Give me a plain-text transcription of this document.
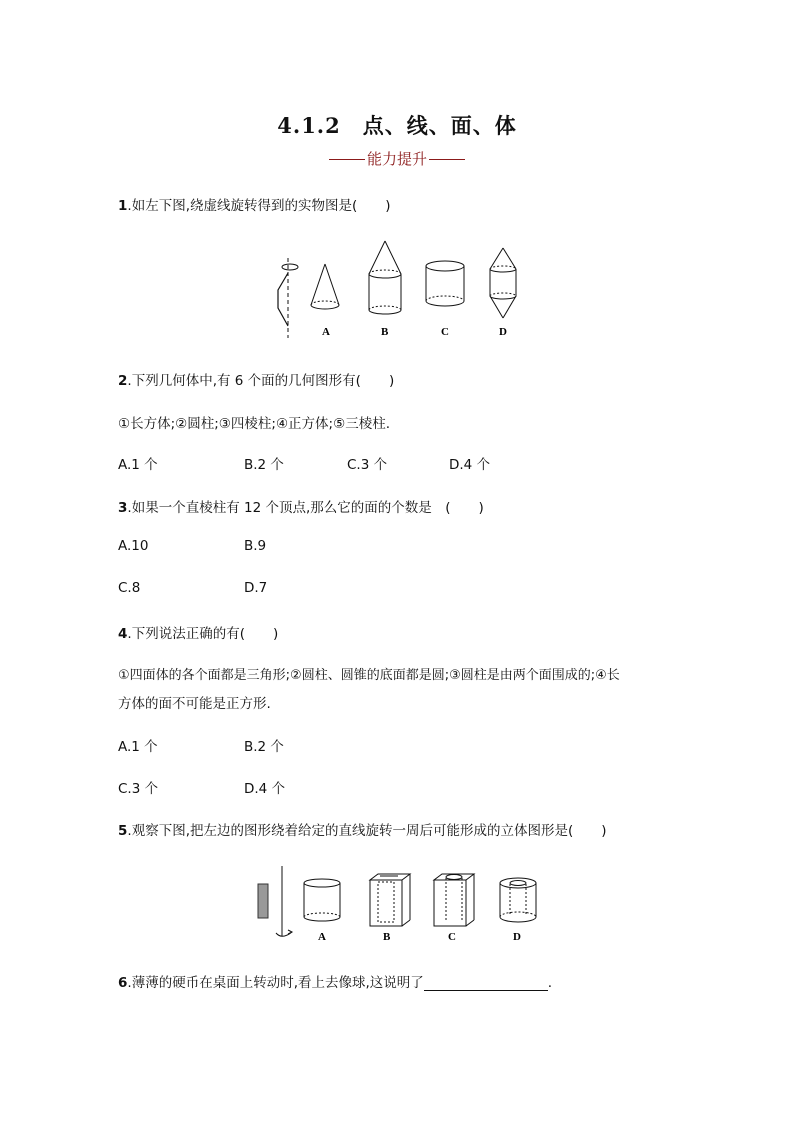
4.1.2　点、线、面、体
能力提升
1.如左下图,绕虚线旋转得到的实物图是( )
A	B	C	D
2.下列几何体中,有 6 个面的几何图形有( )
①长方体;②圆柱;③四棱柱;④正方体;⑤三棱柱.
A.1 个	B.2 个	C.3 个	D.4 个
3.如果一个直棱柱有 12 个顶点,那么它的面的个数是　( )
A.10	B.9
C.8	D.7
4.下列说法正确的有( )
①四面体的各个面都是三角形;②圆柱、圆锥的底面都是圆;③圆柱是由两个面围成的;④长
方体的面不可能是正方形.
A.1 个	B.2 个
C.3 个	D.4 个
5.观察下图,把左边的图形绕着给定的直线旋转一周后可能形成的立体图形是( )
A	B	C	D
6.薄薄的硬币在桌面上转动时,看上去像球,这说明了	.
